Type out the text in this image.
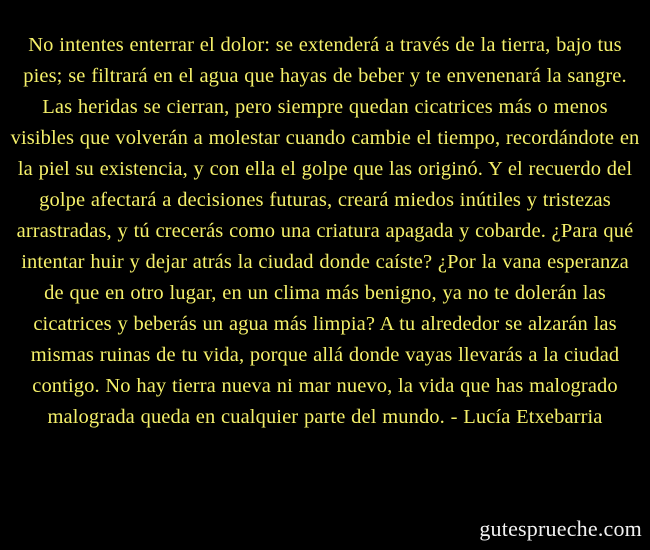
No intentes enterrar el dolor: se extenderá a través de la tierra, bajo tus pies; se filtrará en el agua que hayas de beber y te envenenará la sangre. Las heridas se cierran, pero siempre quedan cicatrices más o menos visibles que volverán a molestar cuando cambie el tiempo, recordándote en la piel su existencia, y con ella el golpe que las originó. Y el recuerdo del golpe afectará a decisiones futuras, creará miedos inútiles y tristezas arrastradas, y tú crecerás como una criatura apagada y cobarde. ¿Para qué intentar huir y dejar atrás la ciudad donde caíste? ¿Por la vana esperanza de que en otro lugar, en un clima más benigno, ya no te dolerán las cicatrices y beberás un agua más limpia? A tu alrededor se alzarán las mismas ruinas de tu vida, porque allá donde vayas llevarás a la ciudad contigo. No hay tierra nueva ni mar nuevo, la vida que has malogrado malograda queda en cualquier parte del mundo. - Lucía Etxebarria
gutesprueche.com
